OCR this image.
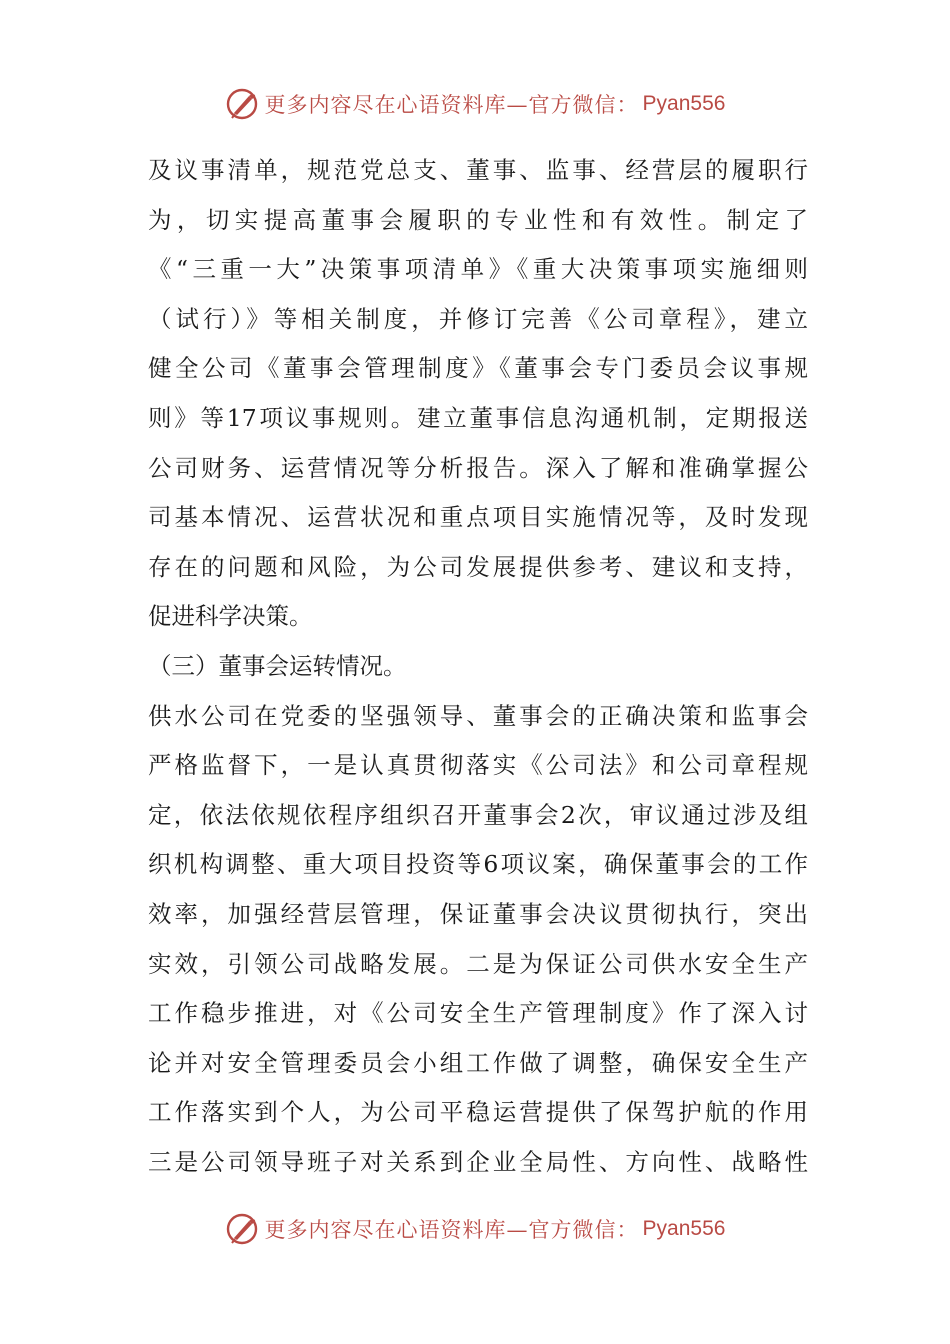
更多内容尽在心语资料库—官方微信： Pyan556
及议事清单，规范党总支、董事、监事、经营层的履职行
为，切实提高董事会履职的专业性和有效性。制定了
《“三重一大”决策事项清单》《重大决策事项实施细则
（试行）》等相关制度，并修订完善《公司章程》，建立
健全公司《董事会管理制度》《董事会专门委员会议事规
则》等17项议事规则。建立董事信息沟通机制，定期报送
公司财务、运营情况等分析报告。深入了解和准确掌握公
司基本情况、运营状况和重点项目实施情况等，及时发现
存在的问题和风险，为公司发展提供参考、建议和支持，
促进科学决策。
（三）董事会运转情况。
供水公司在党委的坚强领导、董事会的正确决策和监事会
严格监督下，一是认真贯彻落实《公司法》和公司章程规
定，依法依规依程序组织召开董事会2次，审议通过涉及组
织机构调整、重大项目投资等6项议案，确保董事会的工作
效率，加强经营层管理，保证董事会决议贯彻执行，突出
实效，引领公司战略发展。二是为保证公司供水安全生产
工作稳步推进，对《公司安全生产管理制度》作了深入讨
论并对安全管理委员会小组工作做了调整，确保安全生产
工作落实到个人，为公司平稳运营提供了保驾护航的作用
三是公司领导班子对关系到企业全局性、方向性、战略性
更多内容尽在心语资料库—官方微信： Pyan556
